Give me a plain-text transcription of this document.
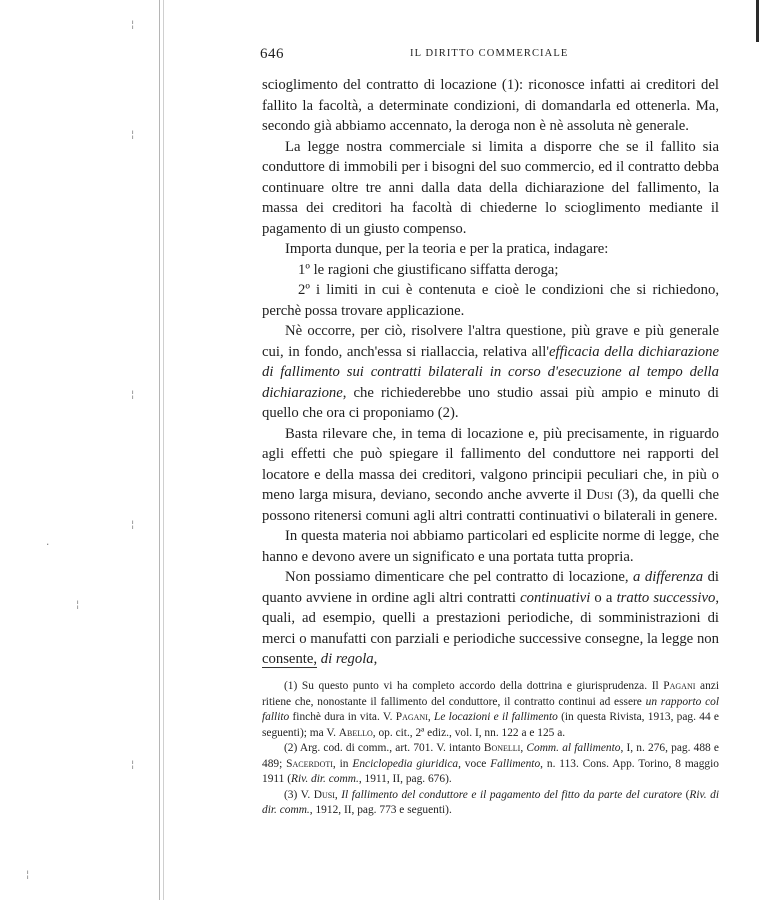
¦
¦
¦
¦
¦
¦
·
¦
646	IL DIRITTO COMMERCIALE

scioglimento del contratto di locazione (1): riconosce infatti ai creditori del fallito la facoltà, a determinate condizioni, di domandarla ed ottenerla. Ma, secondo già abbiamo accennato, la deroga non è nè assoluta nè generale.

La legge nostra commerciale si limita a disporre che se il fallito sia conduttore di immobili per i bisogni del suo commercio, ed il contratto debba continuare oltre tre anni dalla data della dichiarazione del fallimento, la massa dei creditori ha facoltà di chiederne lo scioglimento mediante il pagamento di un giusto compenso.

Importa dunque, per la teoria e per la pratica, indagare:

1º le ragioni che giustificano siffatta deroga;

2º i limiti in cui è contenuta e cioè le condizioni che si richiedono, perchè possa trovare applicazione.

Nè occorre, per ciò, risolvere l'altra questione, più grave e più generale cui, in fondo, anch'essa si riallaccia, relativa all'efficacia della dichiarazione di fallimento sui contratti bilaterali in corso d'esecuzione al tempo della dichiarazione, che richiederebbe uno studio assai più ampio e minuto di quello che ora ci proponiamo (2).

Basta rilevare che, in tema di locazione e, più precisamente, in riguardo agli effetti che può spiegare il fallimento del conduttore nei rapporti del locatore e della massa dei creditori, valgono principii peculiari che, in più o meno larga misura, deviano, secondo anche avverte il Dusi (3), da quelli che possono ritenersi comuni agli altri contratti continuativi o bilaterali in genere.

In questa materia noi abbiamo particolari ed esplicite norme di legge, che hanno e devono avere un significato e una portata tutta propria.

Non possiamo dimenticare che pel contratto di locazione, a differenza di quanto avviene in ordine agli altri contratti continuativi o a tratto successivo, quali, ad esempio, quelli a prestazioni periodiche, di somministrazioni di merci o manufatti con parziali e periodiche successive consegne, la legge non consente, di regola,

(1) Su questo punto vi ha completo accordo della dottrina e giurisprudenza. Il Pagani anzi ritiene che, nonostante il fallimento del conduttore, il contratto continui ad essere un rapporto col fallito finchè dura in vita. V. Pagani, Le locazioni e il fallimento (in questa Rivista, 1913, pag. 44 e seguenti); ma V. Abello, op. cit., 2ª ediz., vol. I, nn. 122 a e 125 a.

(2) Arg. cod. di comm., art. 701. V. intanto Bonelli, Comm. al fallimento, I, n. 276, pag. 488 e 489; Sacerdoti, in Enciclopedia giuridica, voce Fallimento, n. 113. Cons. App. Torino, 8 maggio 1911 (Riv. dir. comm., 1911, II, pag. 676).

(3) V. Dusi, Il fallimento del conduttore e il pagamento del fitto da parte del curatore (Riv. di dir. comm., 1912, II, pag. 773 e seguenti).
